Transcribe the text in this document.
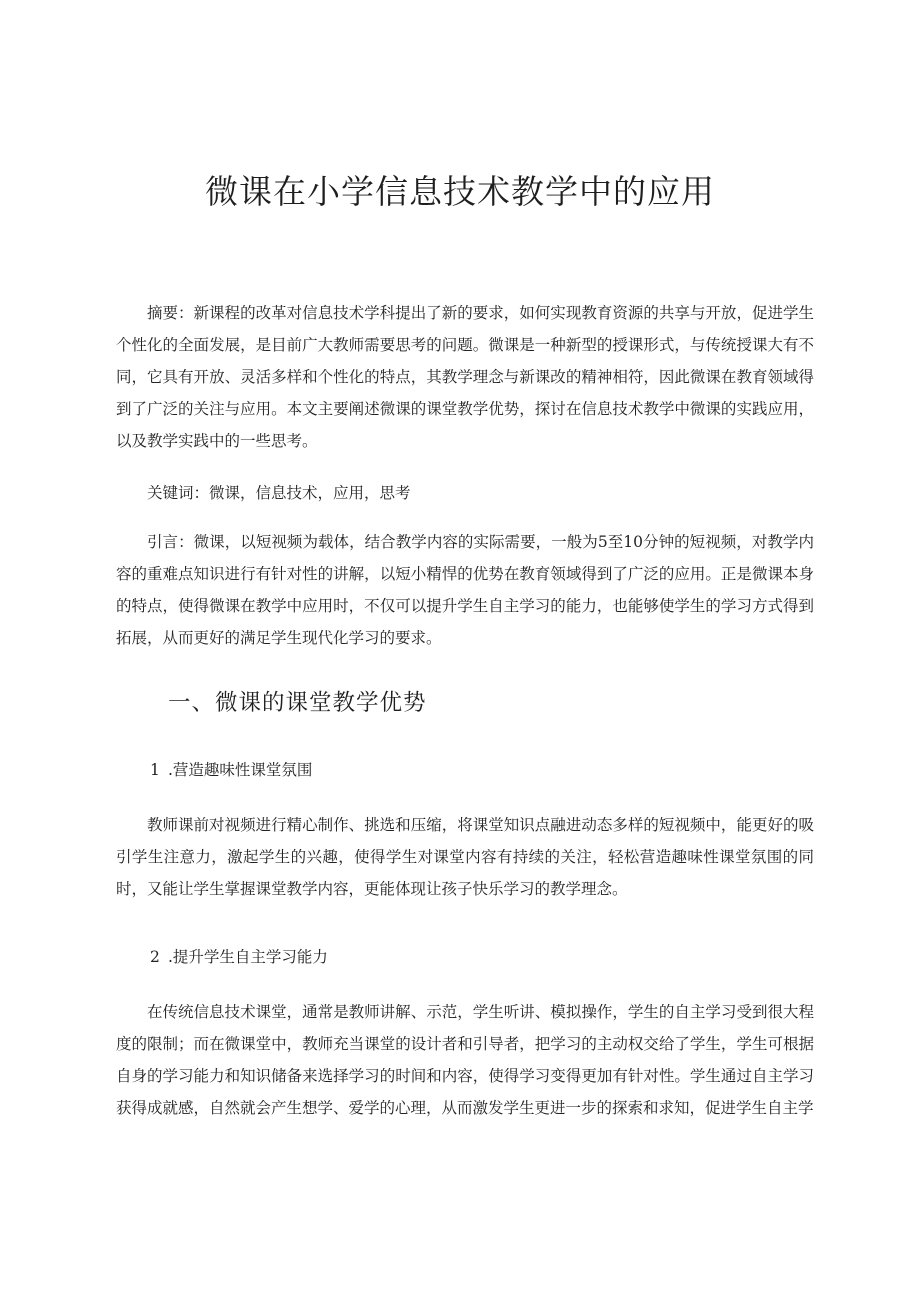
微课在小学信息技术教学中的应用

摘要：新课程的改革对信息技术学科提出了新的要求，如何实现教育资源的共享与开放，促进学生个性化的全面发展，是目前广大教师需要思考的问题。微课是一种新型的授课形式，与传统授课大有不同，它具有开放、灵活多样和个性化的特点，其教学理念与新课改的精神相符，因此微课在教育领域得到了广泛的关注与应用。本文主要阐述微课的课堂教学优势，探讨在信息技术教学中微课的实践应用，以及教学实践中的一些思考。

关键词：微课，信息技术，应用，思考

引言：微课，以短视频为载体，结合教学内容的实际需要，一般为5至10分钟的短视频，对教学内容的重难点知识进行有针对性的讲解，以短小精悍的优势在教育领域得到了广泛的应用。正是微课本身的特点，使得微课在教学中应用时，不仅可以提升学生自主学习的能力，也能够使学生的学习方式得到拓展，从而更好的满足学生现代化学习的要求。

一、微课的课堂教学优势
1 .营造趣味性课堂氛围

教师课前对视频进行精心制作、挑选和压缩，将课堂知识点融进动态多样的短视频中，能更好的吸引学生注意力，激起学生的兴趣，使得学生对课堂内容有持续的关注，轻松营造趣味性课堂氛围的同时，又能让学生掌握课堂教学内容，更能体现让孩子快乐学习的教学理念。

2 .提升学生自主学习能力

在传统信息技术课堂，通常是教师讲解、示范，学生听讲、模拟操作，学生的自主学习受到很大程度的限制；而在微课堂中，教师充当课堂的设计者和引导者，把学习的主动权交给了学生，学生可根据自身的学习能力和知识储备来选择学习的时间和内容，使得学习变得更加有针对性。学生通过自主学习获得成就感，自然就会产生想学、爱学的心理，从而激发学生更进一步的探索和求知，促进学生自主学
